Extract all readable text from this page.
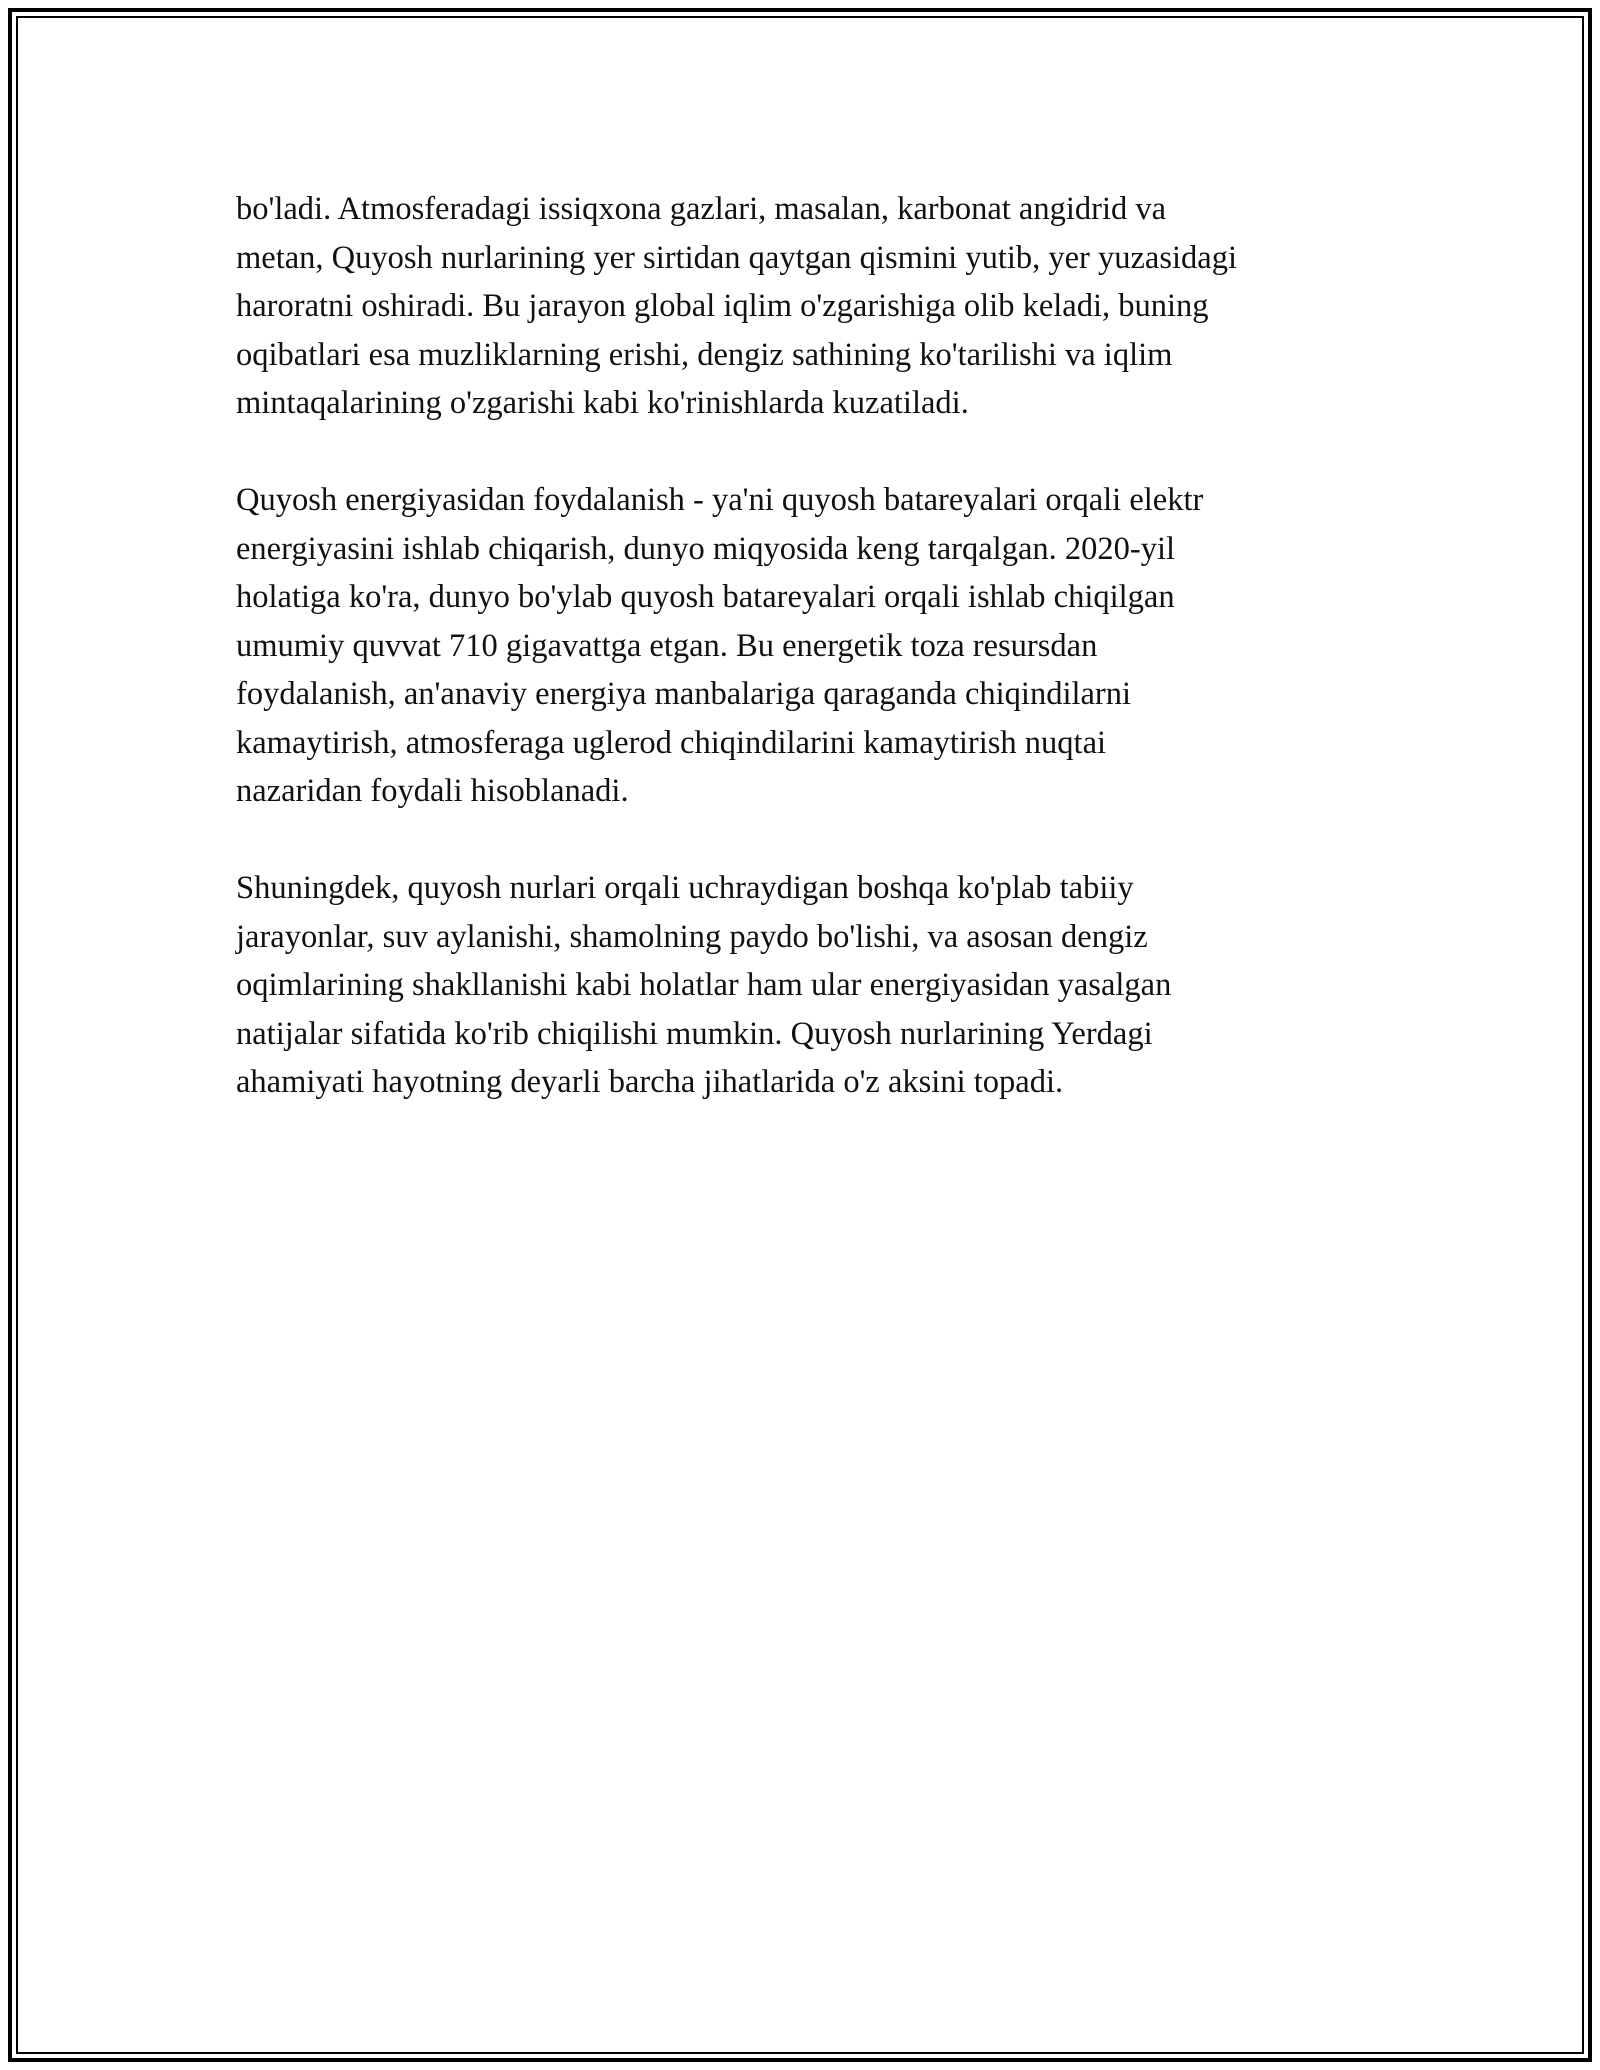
bo'ladi. Atmosferadagi issiqxona gazlari, masalan, karbonat angidrid va
metan, Quyosh nurlarining yer sirtidan qaytgan qismini yutib, yer yuzasidagi
haroratni oshiradi. Bu jarayon global iqlim o'zgarishiga olib keladi, buning
oqibatlari esa muzliklarning erishi, dengiz sathining ko'tarilishi va iqlim
mintaqalarining o'zgarishi kabi ko'rinishlarda kuzatiladi.

Quyosh energiyasidan foydalanish - ya'ni quyosh batareyalari orqali elektr
energiyasini ishlab chiqarish, dunyo miqyosida keng tarqalgan. 2020-yil
holatiga ko'ra, dunyo bo'ylab quyosh batareyalari orqali ishlab chiqilgan
umumiy quvvat 710 gigavattga etgan. Bu energetik toza resursdan
foydalanish, an'anaviy energiya manbalariga qaraganda chiqindilarni
kamaytirish, atmosferaga uglerod chiqindilarini kamaytirish nuqtai
nazaridan foydali hisoblanadi.

Shuningdek, quyosh nurlari orqali uchraydigan boshqa ko'plab tabiiy
jarayonlar, suv aylanishi, shamolning paydo bo'lishi, va asosan dengiz
oqimlarining shakllanishi kabi holatlar ham ular energiyasidan yasalgan
natijalar sifatida ko'rib chiqilishi mumkin. Quyosh nurlarining Yerdagi
ahamiyati hayotning deyarli barcha jihatlarida o'z aksini topadi.
